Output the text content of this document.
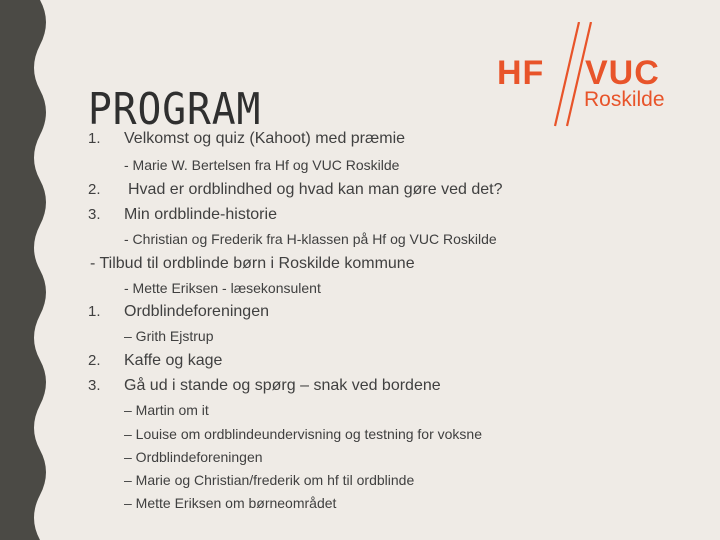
HF VUC
Roskilde
PROGRAM
1. Velkomst og quiz (Kahoot) med præmie
- Marie W. Bertelsen fra Hf og VUC Roskilde
2. Hvad er ordblindhed og hvad kan man gøre ved det?
3. Min ordblinde-historie
- Christian og Frederik fra H-klassen på Hf og VUC Roskilde
- Tilbud til ordblinde børn i Roskilde kommune
- Mette Eriksen - læsekonsulent
1. Ordblindeforeningen
– Grith Ejstrup
2. Kaffe og kage
3. Gå ud i stande og spørg – snak ved bordene
– Martin om it
– Louise om ordblindeundervisning og testning for voksne
– Ordblindeforeningen
– Marie og Christian/frederik om hf til ordblinde
– Mette Eriksen om børneområdet
